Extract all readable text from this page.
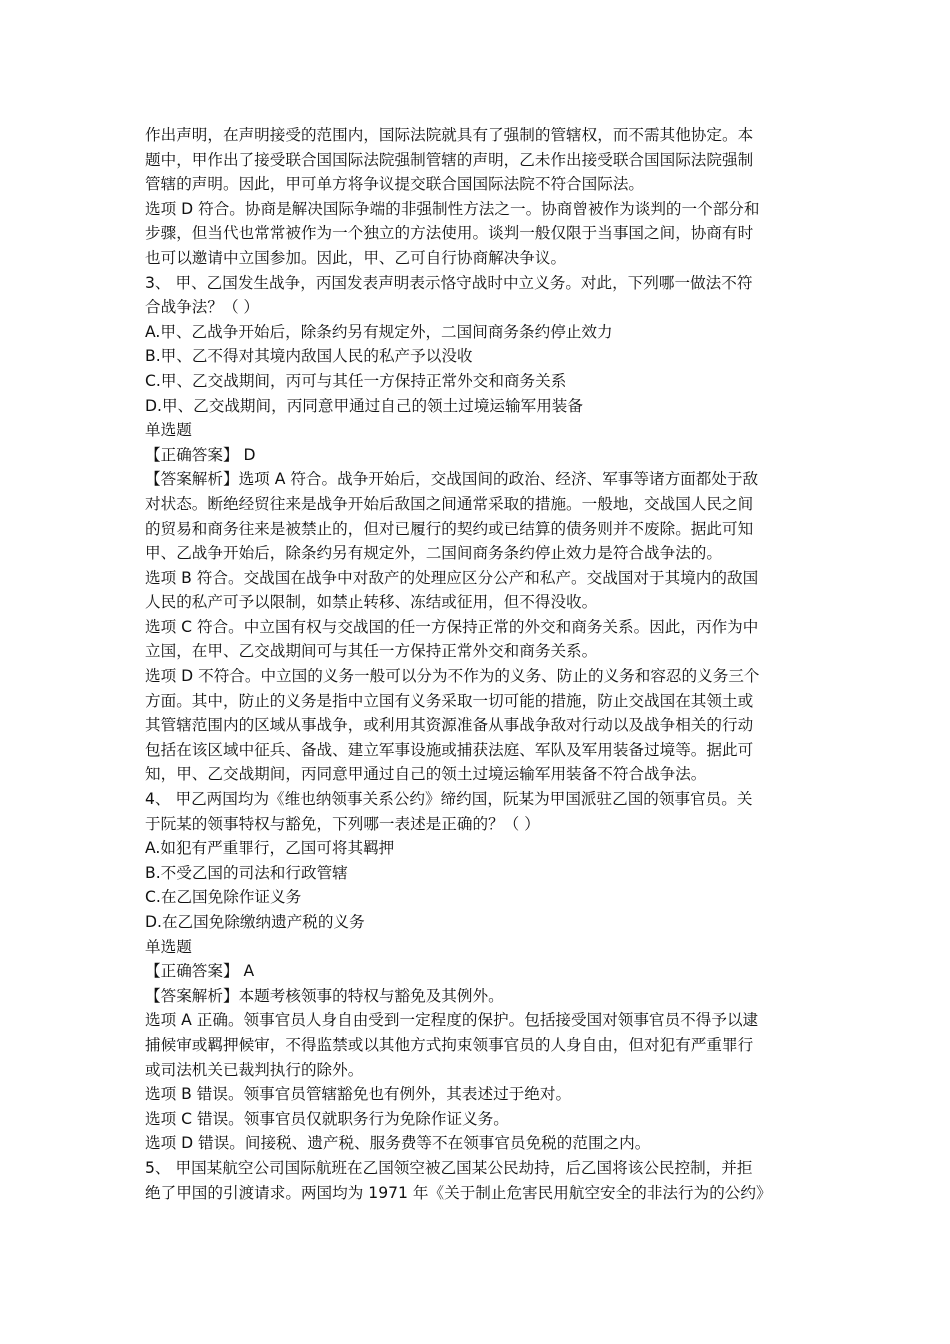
作出声明，在声明接受的范围内，国际法院就具有了强制的管辖权，而不需其他协定。本
题中，甲作出了接受联合国国际法院强制管辖的声明，乙未作出接受联合国国际法院强制
管辖的声明。因此，甲可单方将争议提交联合国国际法院不符合国际法。
选项 D 符合。协商是解决国际争端的非强制性方法之一。协商曾被作为谈判的一个部分和
步骤，但当代也常常被作为一个独立的方法使用。谈判一般仅限于当事国之间，协商有时
也可以邀请中立国参加。因此，甲、乙可自行协商解决争议。
3、 甲、乙国发生战争，丙国发表声明表示恪守战时中立义务。对此，下列哪一做法不符
合战争法？（ ）
A.甲、乙战争开始后，除条约另有规定外，二国间商务条约停止效力
B.甲、乙不得对其境内敌国人民的私产予以没收
C.甲、乙交战期间，丙可与其任一方保持正常外交和商务关系
D.甲、乙交战期间，丙同意甲通过自己的领土过境运输军用装备
单选题
【正确答案】 D
【答案解析】选项 A 符合。战争开始后，交战国间的政治、经济、军事等诸方面都处于敌
对状态。断绝经贸往来是战争开始后敌国之间通常采取的措施。一般地，交战国人民之间
的贸易和商务往来是被禁止的，但对已履行的契约或已结算的债务则并不废除。据此可知
甲、乙战争开始后，除条约另有规定外，二国间商务条约停止效力是符合战争法的。
选项 B 符合。交战国在战争中对敌产的处理应区分公产和私产。交战国对于其境内的敌国
人民的私产可予以限制，如禁止转移、冻结或征用，但不得没收。
选项 C 符合。中立国有权与交战国的任一方保持正常的外交和商务关系。因此，丙作为中
立国，在甲、乙交战期间可与其任一方保持正常外交和商务关系。
选项 D 不符合。中立国的义务一般可以分为不作为的义务、防止的义务和容忍的义务三个
方面。其中，防止的义务是指中立国有义务采取一切可能的措施，防止交战国在其领土或
其管辖范围内的区域从事战争，或利用其资源准备从事战争敌对行动以及战争相关的行动
包括在该区域中征兵、备战、建立军事设施或捕获法庭、军队及军用装备过境等。据此可
知，甲、乙交战期间，丙同意甲通过自己的领土过境运输军用装备不符合战争法。
4、 甲乙两国均为《维也纳领事关系公约》缔约国，阮某为甲国派驻乙国的领事官员。关
于阮某的领事特权与豁免，下列哪一表述是正确的？（ ）
A.如犯有严重罪行，乙国可将其羁押
B.不受乙国的司法和行政管辖
C.在乙国免除作证义务
D.在乙国免除缴纳遗产税的义务
单选题
【正确答案】 A
【答案解析】本题考核领事的特权与豁免及其例外。
选项 A 正确。领事官员人身自由受到一定程度的保护。包括接受国对领事官员不得予以逮
捕候审或羁押候审，不得监禁或以其他方式拘束领事官员的人身自由，但对犯有严重罪行
或司法机关已裁判执行的除外。
选项 B 错误。领事官员管辖豁免也有例外，其表述过于绝对。
选项 C 错误。领事官员仅就职务行为免除作证义务。
选项 D 错误。间接税、遗产税、服务费等不在领事官员免税的范围之内。
5、 甲国某航空公司国际航班在乙国领空被乙国某公民劫持，后乙国将该公民控制，并拒
绝了甲国的引渡请求。两国均为 1971 年《关于制止危害民用航空安全的非法行为的公约》
